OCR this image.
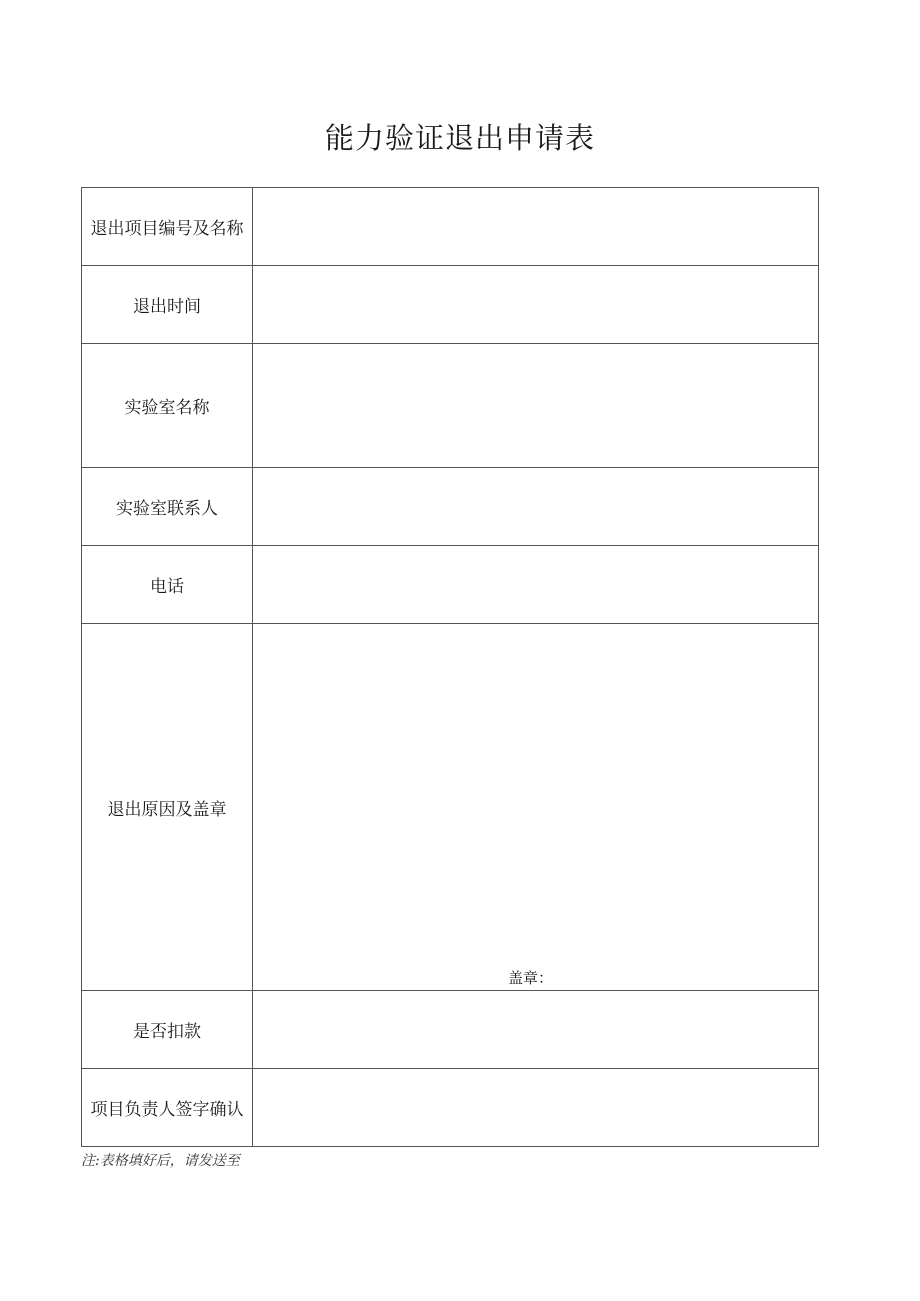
能力验证退出申请表
退出项目编号及名称	
退出时间	
实验室名称	
实验室联系人	
电话	
退出原因及盖章	盖章：

是否扣款	
项目负责人签字确认	
注:表格填好后，请发送至
